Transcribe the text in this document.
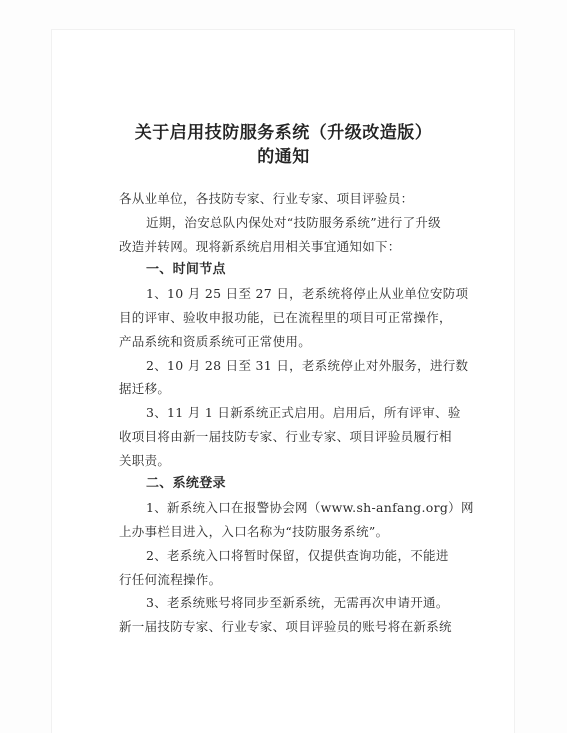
关于启用技防服务系统（升级改造版）
的通知
各从业单位，各技防专家、行业专家、项目评验员：
近期，治安总队内保处对“技防服务系统”进行了升级
改造并转网。现将新系统启用相关事宜通知如下：
一、时间节点
1、10 月 25 日至 27 日，老系统将停止从业单位安防项
目的评审、验收申报功能，已在流程里的项目可正常操作，
产品系统和资质系统可正常使用。
2、10 月 28 日至 31 日，老系统停止对外服务，进行数
据迁移。
3、11 月 1 日新系统正式启用。启用后，所有评审、验
收项目将由新一届技防专家、行业专家、项目评验员履行相
关职责。
二、系统登录
1、新系统入口在报警协会网（www.sh-anfang.org）网
上办事栏目进入，入口名称为“技防服务系统”。
2、老系统入口将暂时保留，仅提供查询功能，不能进
行任何流程操作。
3、老系统账号将同步至新系统，无需再次申请开通。
新一届技防专家、行业专家、项目评验员的账号将在新系统
